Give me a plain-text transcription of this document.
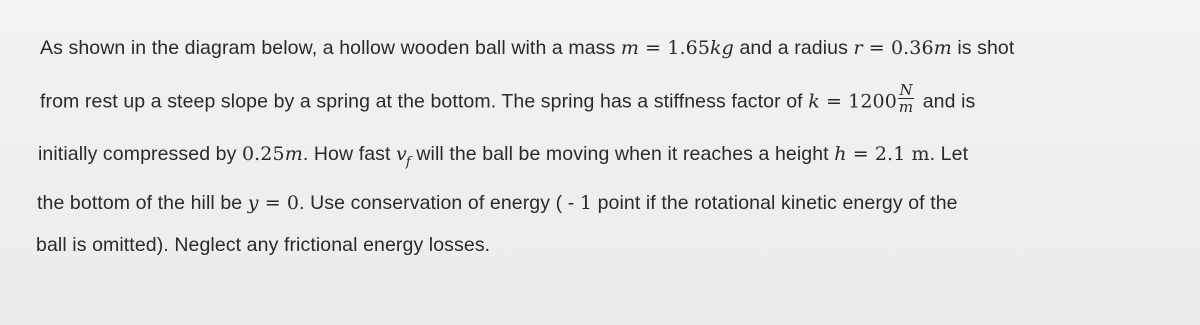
As shown in the diagram below, a hollow wooden ball with a mass m = 1.65kg and a radius r = 0.36m is shot
from rest up a steep slope by a spring at the bottom. The spring has a stiffness factor of $k = 1200 \frac{N}{m}$ and is
initially compressed by 0.25m. How fast $v_f$ will the ball be moving when it reaches a height h = 2.1 m. Let
the bottom of the hill be y = 0. Use conservation of energy ( - 1 point if the rotational kinetic energy of the
ball is omitted). Neglect any frictional energy losses.
